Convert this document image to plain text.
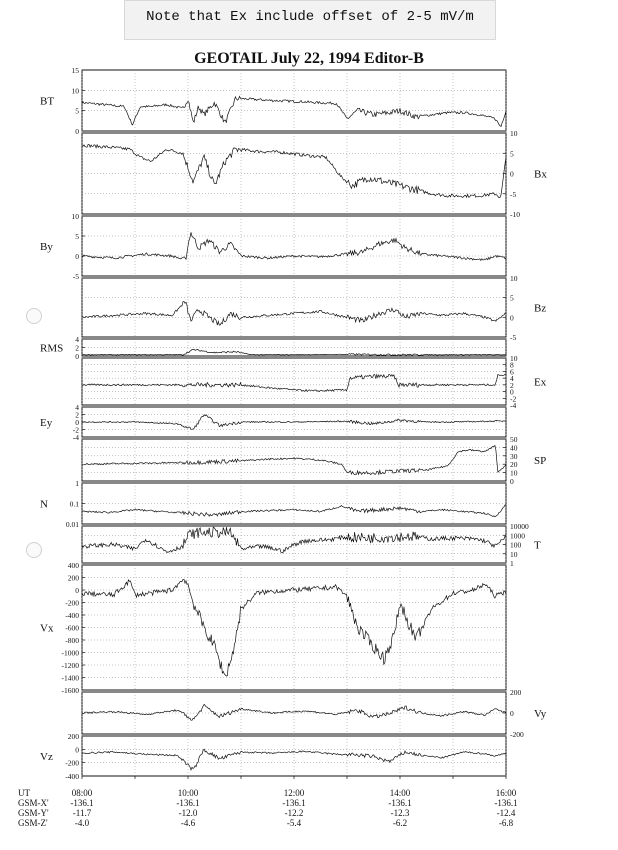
Note that Ex include offset of 2-5 mV/m
GEOTAIL July 22, 1994 Editor-B
15
10
5
0
BT
10
5
0
-5
-10
Bx
10
5
0
-5
By
10
5
0
-5
Bz
4
2
0
RMS
10
8
6
4
2
0
-2
-4
Ex
4
2
0
-2
-4
Ey
50
40
30
20
10
0
SP
1
0.1
0.01
N
10000
1000
100
10
1
T
400
200
0
-200
-400
-600
-800
-1000
-1200
-1400
-1600
Vx
200
0
-200
Vy
200
0
-200
-400
Vz
UT	08:00	10:00	12:00	14:00	16:00
GSM-X' -136.1	-136.1	-136.1	-136.1	-136.1
GSM-Y'	-11.7	-12.0	-12.2	-12.3	-12.4
GSM-Z'	-4.0	-4.6	-5.4	-6.2	-6.8
